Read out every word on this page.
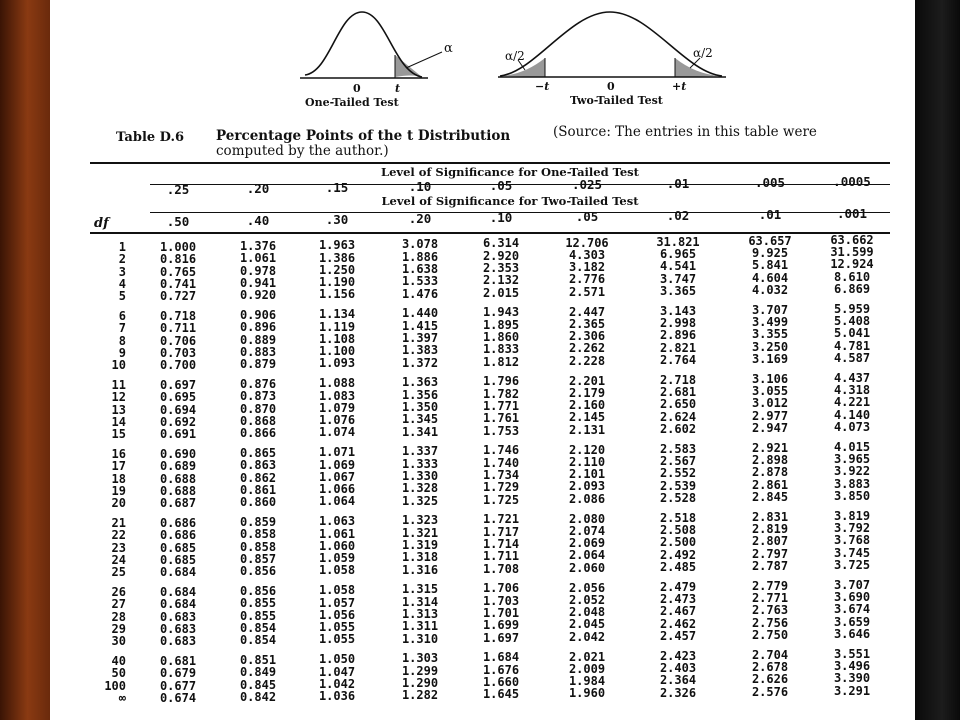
α
0	t
One-Tailed Test
α/2	α/2
−t	0	+t
Two-Tailed Test
Table D.6 Percentage Points of the t Distribution	(Source: The entries in this table were
computed by the author.)
Level of Significance for One-Tailed Test
Level of Significance for Two-Tailed Test
df
.25	.20	.15	.10	.05	.025	.01	.005	.0005
.50	.40	.30	.20	.10	.05	.02	.01	.001
1	1.000	1.376	1.963	3.078	6.314	12.706	31.821	63.657	63.662
2	0.816	1.061	1.386	1.886	2.920	4.303	6.965	9.925	31.599
3	0.765	0.978	1.250	1.638	2.353	3.182	4.541	5.841	12.924
4	0.741	0.941	1.190	1.533	2.132	2.776	3.747	4.604	8.610
5	0.727	0.920	1.156	1.476	2.015	2.571	3.365	4.032	6.869
6	0.718	0.906	1.134	1.440	1.943	2.447	3.143	3.707	5.959
7	0.711	0.896	1.119	1.415	1.895	2.365	2.998	3.499	5.408
8	0.706	0.889	1.108	1.397	1.860	2.306	2.896	3.355	5.041
9	0.703	0.883	1.100	1.383	1.833	2.262	2.821	3.250	4.781
10	0.700	0.879	1.093	1.372	1.812	2.228	2.764	3.169	4.587
11	0.697	0.876	1.088	1.363	1.796	2.201	2.718	3.106	4.437
12	0.695	0.873	1.083	1.356	1.782	2.179	2.681	3.055	4.318
13	0.694	0.870	1.079	1.350	1.771	2.160	2.650	3.012	4.221
14	0.692	0.868	1.076	1.345	1.761	2.145	2.624	2.977	4.140
15	0.691	0.866	1.074	1.341	1.753	2.131	2.602	2.947	4.073
16	0.690	0.865	1.071	1.337	1.746	2.120	2.583	2.921	4.015
17	0.689	0.863	1.069	1.333	1.740	2.110	2.567	2.898	3.965
18	0.688	0.862	1.067	1.330	1.734	2.101	2.552	2.878	3.922
19	0.688	0.861	1.066	1.328	1.729	2.093	2.539	2.861	3.883
20	0.687	0.860	1.064	1.325	1.725	2.086	2.528	2.845	3.850
21	0.686	0.859	1.063	1.323	1.721	2.080	2.518	2.831	3.819
22	0.686	0.858	1.061	1.321	1.717	2.074	2.508	2.819	3.792
23	0.685	0.858	1.060	1.319	1.714	2.069	2.500	2.807	3.768
24	0.685	0.857	1.059	1.318	1.711	2.064	2.492	2.797	3.745
25	0.684	0.856	1.058	1.316	1.708	2.060	2.485	2.787	3.725
26	0.684	0.856	1.058	1.315	1.706	2.056	2.479	2.779	3.707
27	0.684	0.855	1.057	1.314	1.703	2.052	2.473	2.771	3.690
28	0.683	0.855	1.056	1.313	1.701	2.048	2.467	2.763	3.674
29	0.683	0.854	1.055	1.311	1.699	2.045	2.462	2.756	3.659
30	0.683	0.854	1.055	1.310	1.697	2.042	2.457	2.750	3.646
40	0.681	0.851	1.050	1.303	1.684	2.021	2.423	2.704	3.551
50	0.679	0.849	1.047	1.299	1.676	2.009	2.403	2.678	3.496
100	0.677	0.845	1.042	1.290	1.660	1.984	2.364	2.626	3.390
∞	0.674	0.842	1.036	1.282	1.645	1.960	2.326	2.576	3.291
